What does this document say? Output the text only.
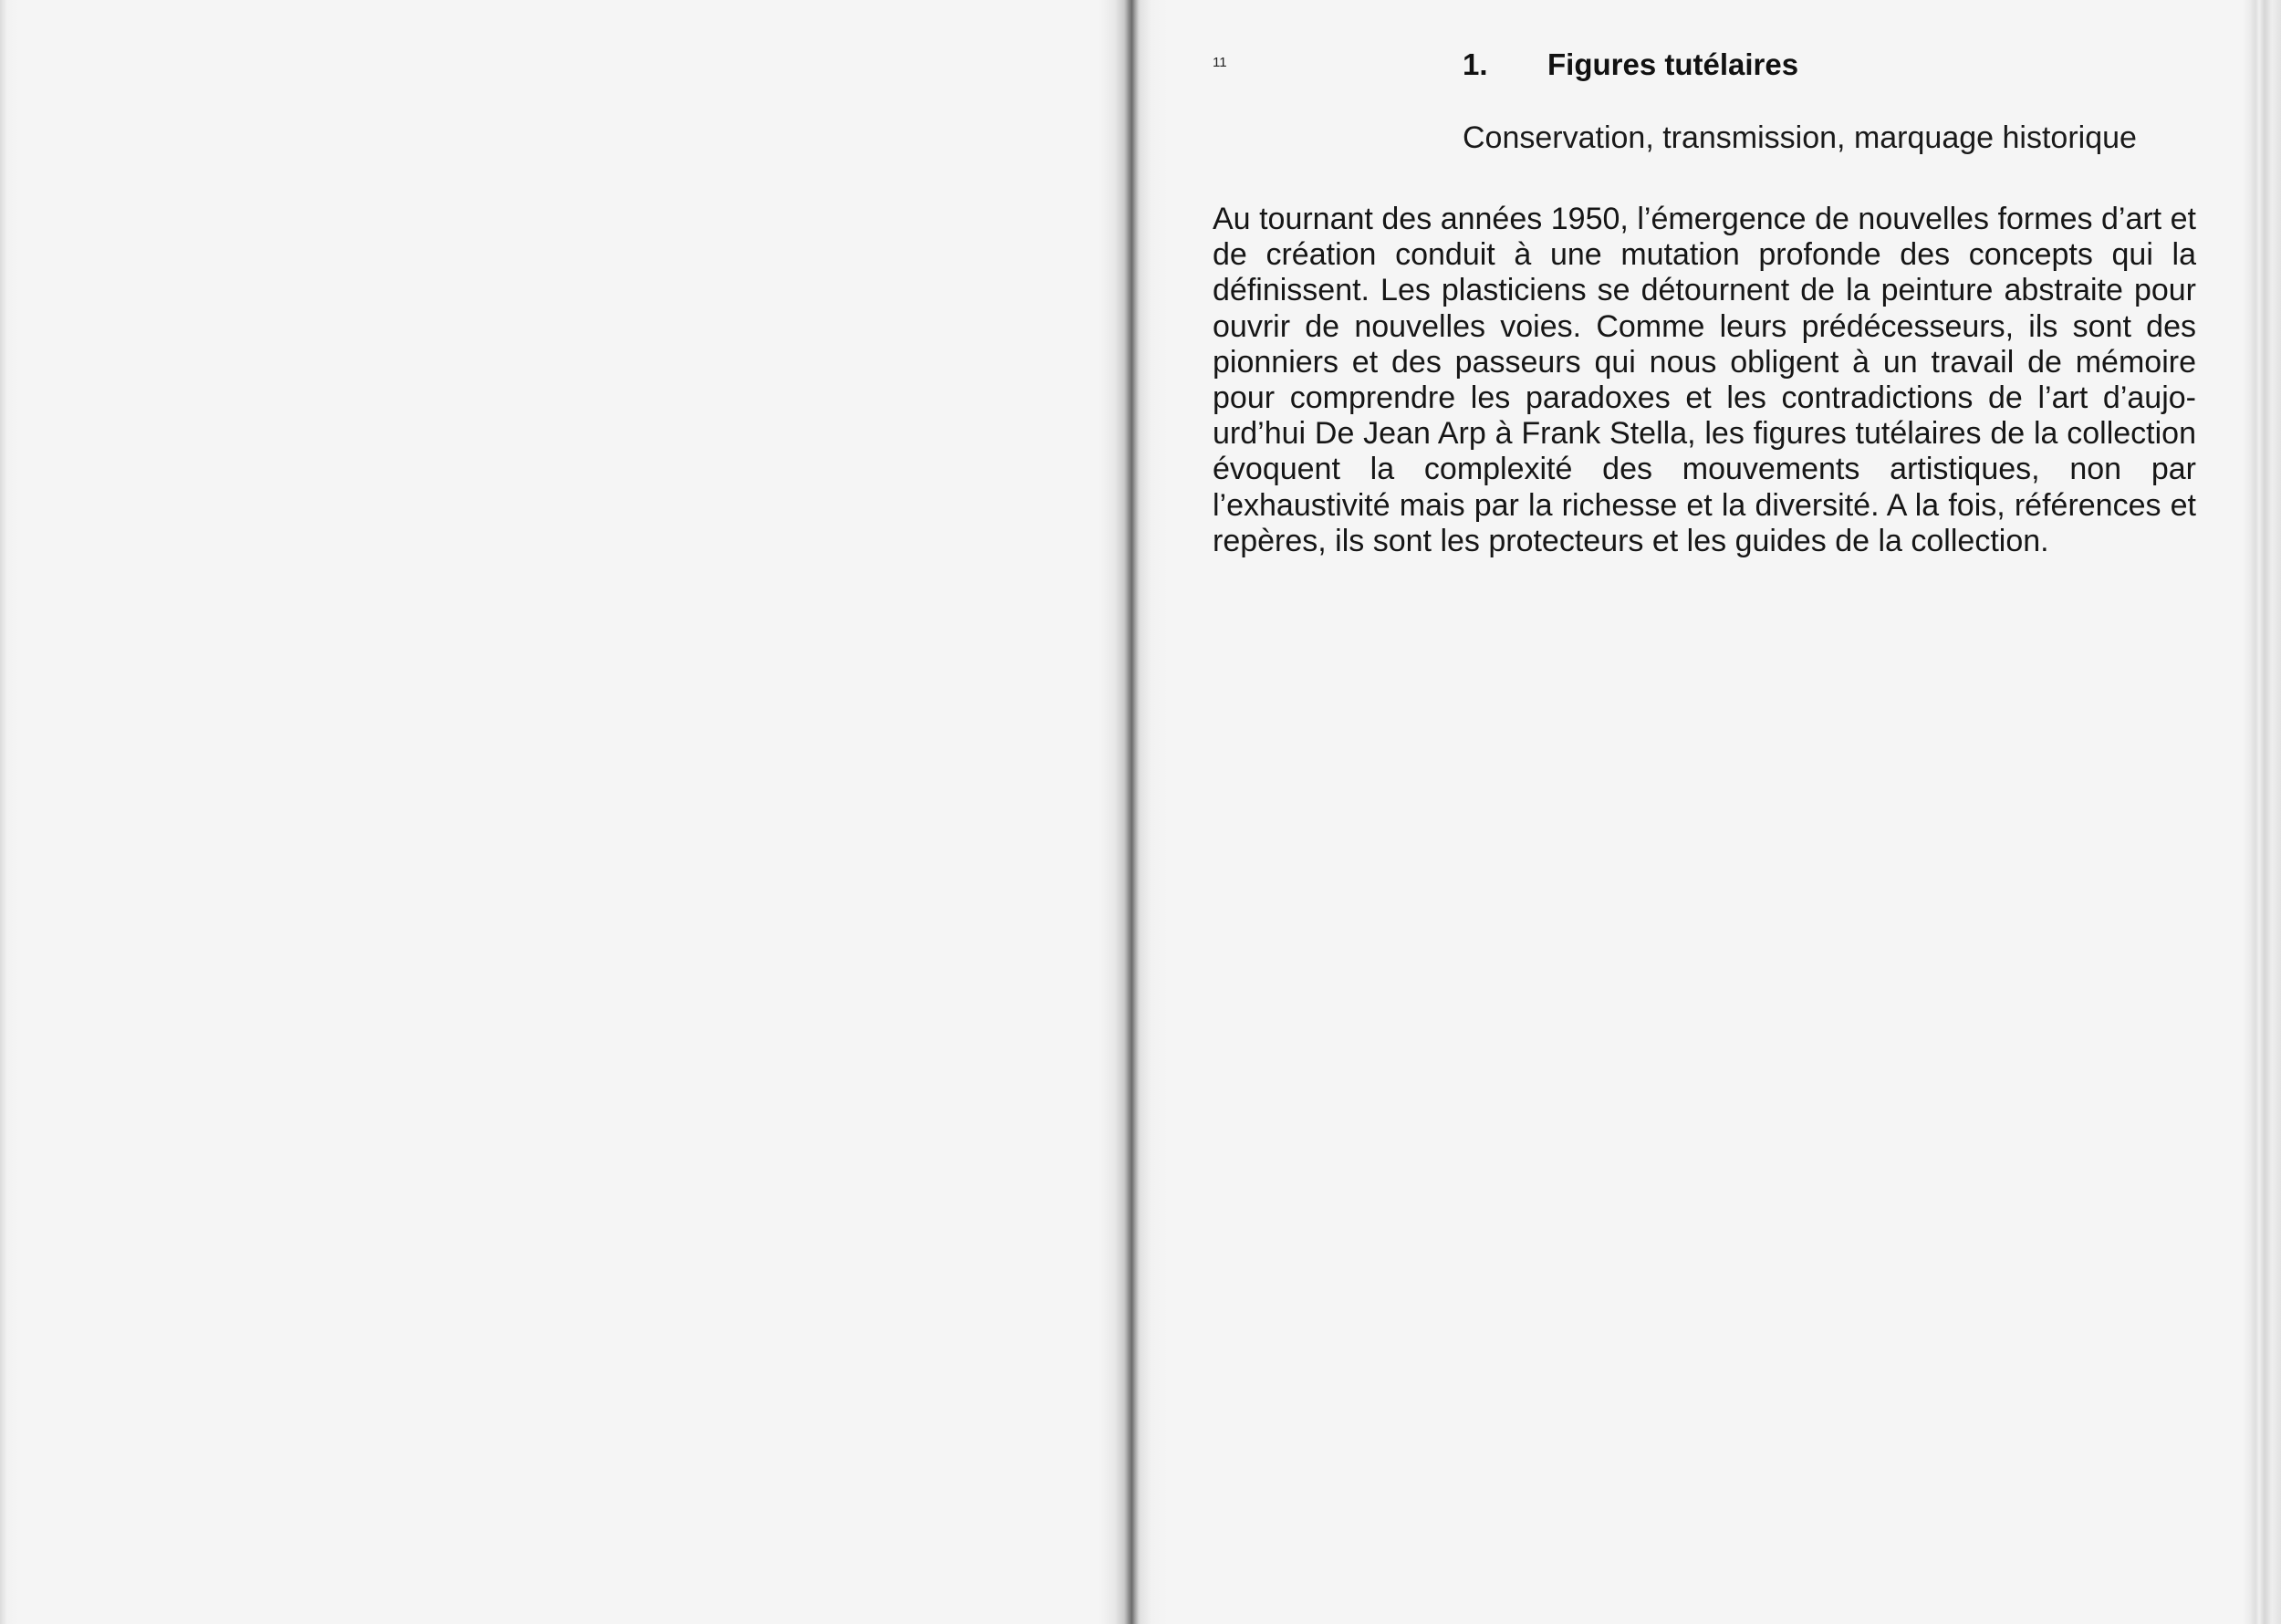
11	1. Figures tutélaires
Conservation, transmission, marquage historique

Au tournant des années 1950, l’émergence de nouvelles formes d’art et de création conduit à une mutation profonde des concepts qui la définissent. Les plasticiens se détournent de la peinture abstraite pour ouvrir de nouvelles voies. Comme leurs prédécesseurs, ils sont des pionniers et des passeurs qui nous obligent à un travail de mémoire pour comprendre les paradoxes et les contradictions de l’art d’aujourd’hui De Jean Arp à Frank Stella, les figures tutélaires de la collection évoquent la complexité des mouvements artistiques, non par l’exhaustivité mais par la richesse et la diversité. A la fois, références et repères, ils sont les protecteurs et les guides de la collection.
